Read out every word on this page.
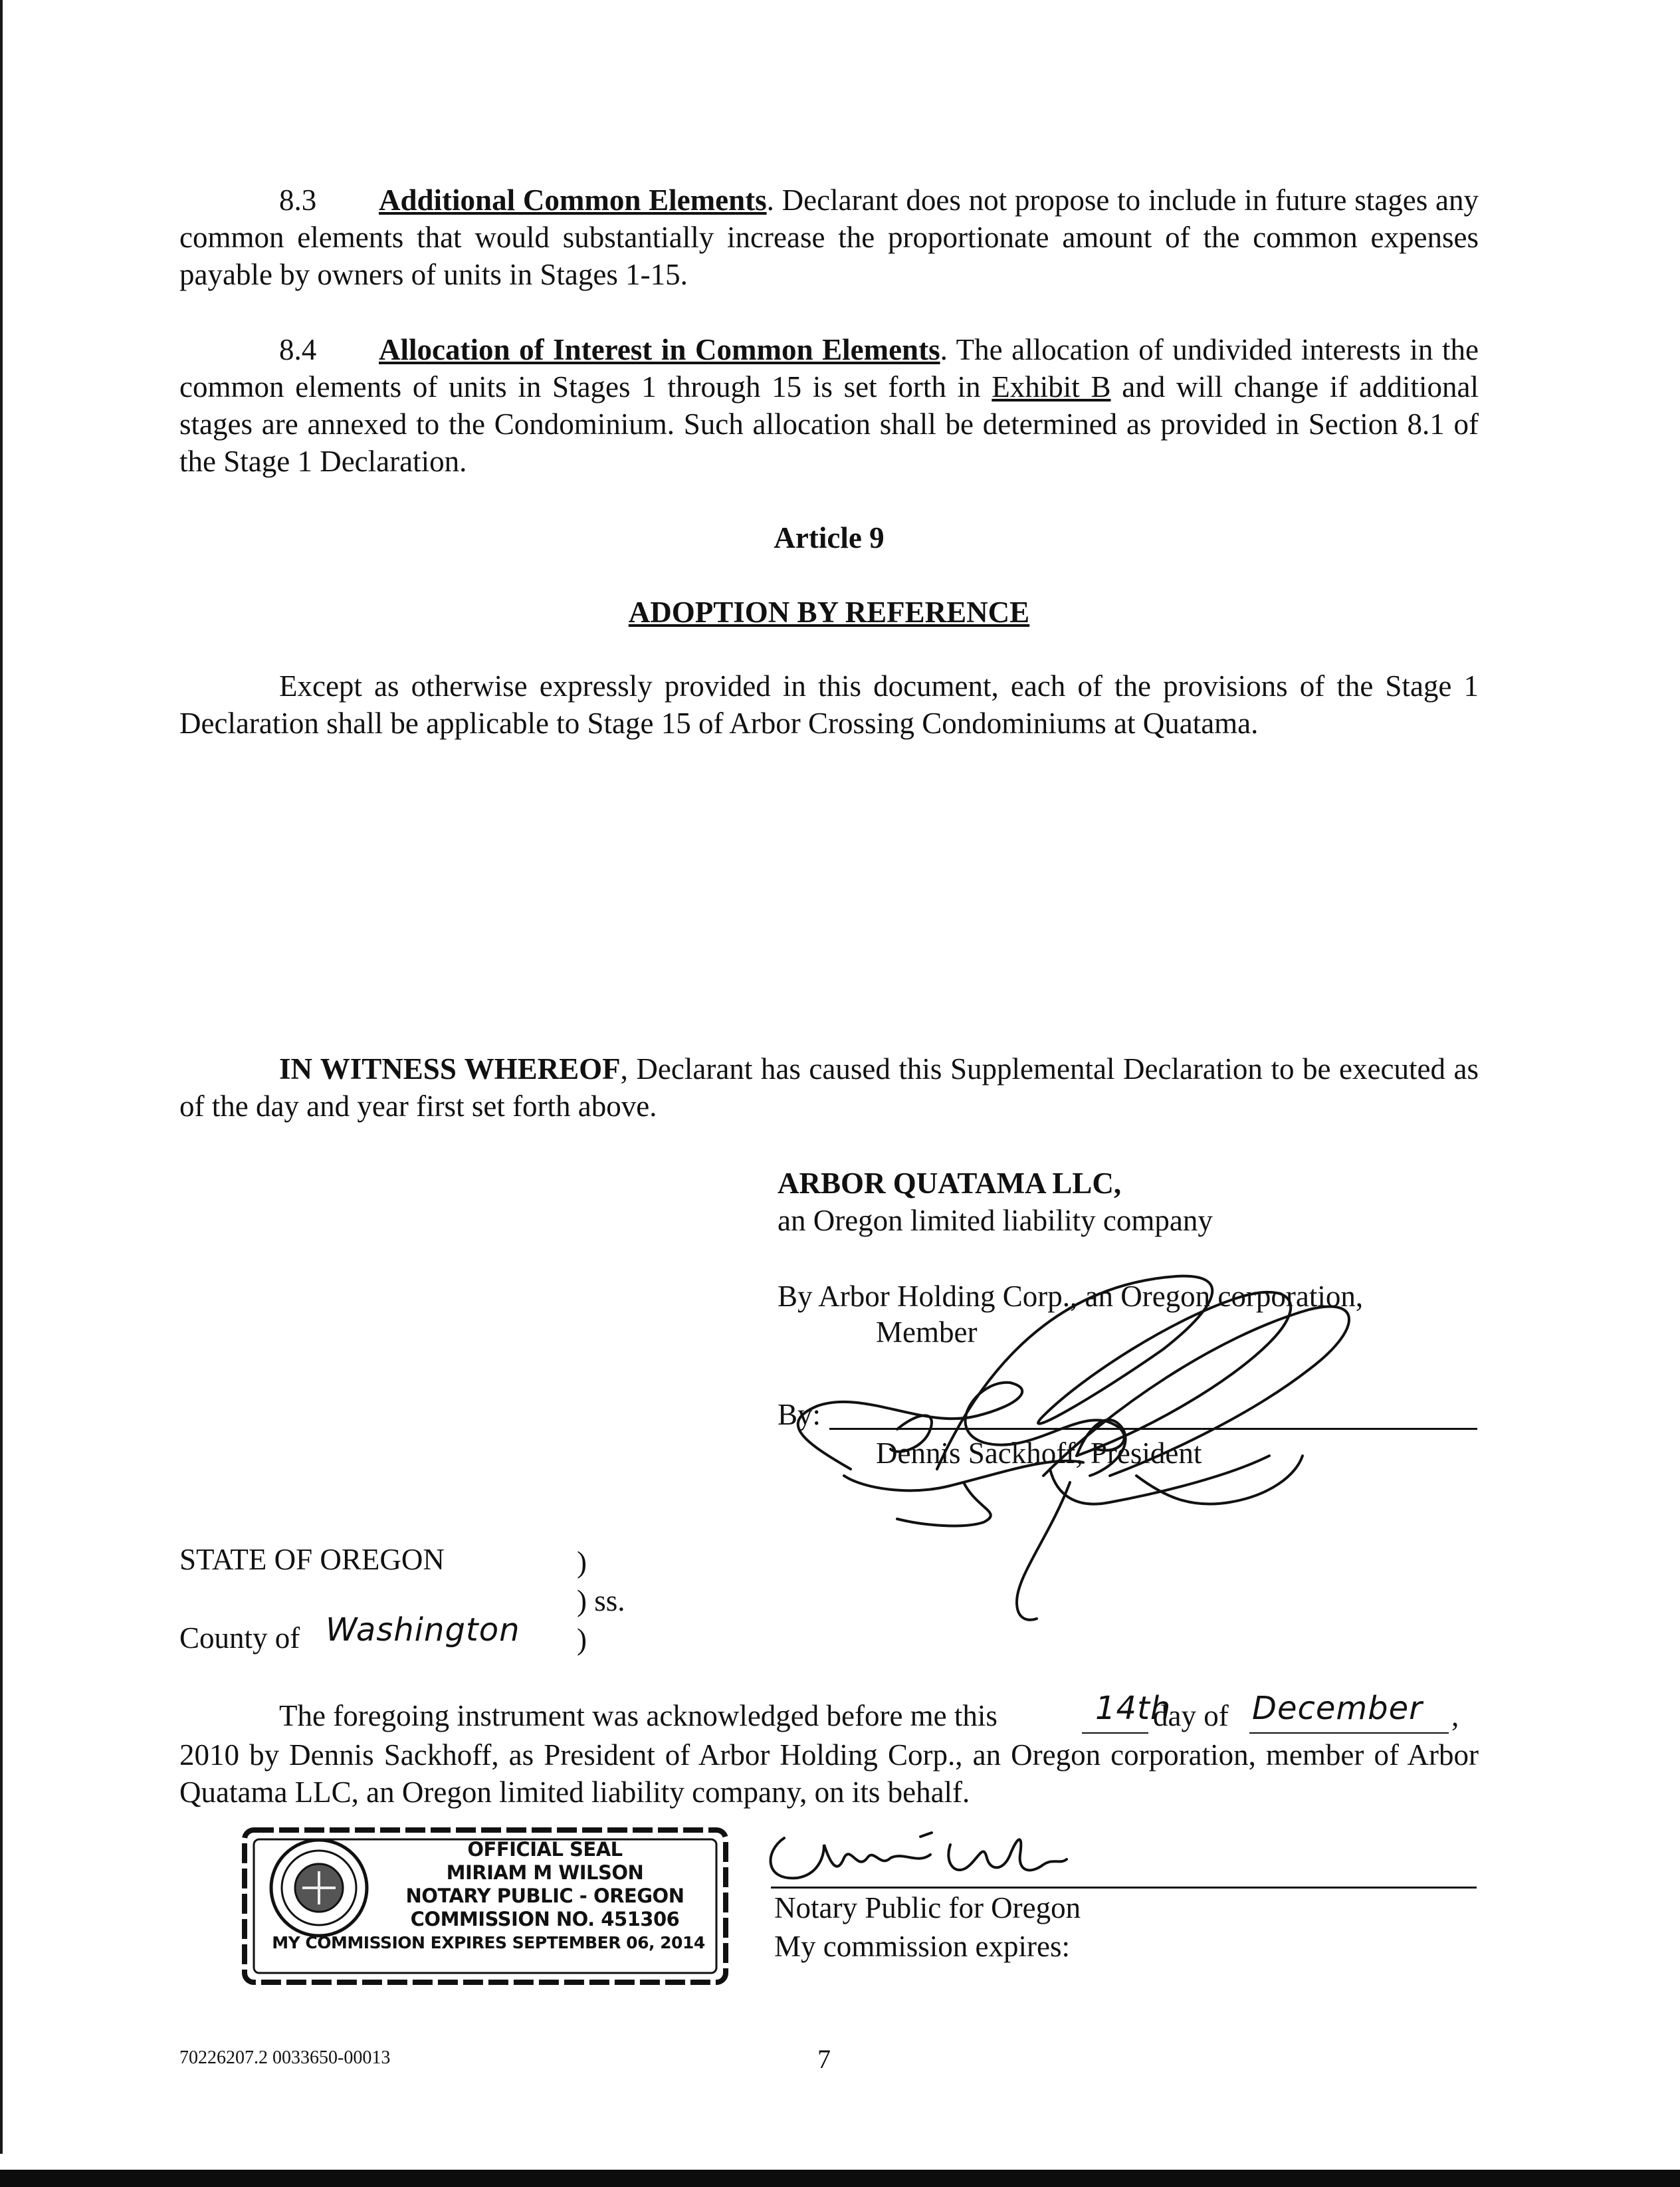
8.3 Additional Common Elements. Declarant does not propose to include in future stages any common elements that would substantially increase the proportionate amount of the common expenses payable by owners of units in Stages 1-15.
8.4 Allocation of Interest in Common Elements. The allocation of undivided interests in the common elements of units in Stages 1 through 15 is set forth in Exhibit B and will change if additional stages are annexed to the Condominium. Such allocation shall be determined as provided in Section 8.1 of the Stage 1 Declaration.
Article 9
ADOPTION BY REFERENCE
Except as otherwise expressly provided in this document, each of the provisions of the Stage 1 Declaration shall be applicable to Stage 15 of Arbor Crossing Condominiums at Quatama.
IN WITNESS WHEREOF, Declarant has caused this Supplemental Declaration to be executed as of the day and year first set forth above.
ARBOR QUATAMA LLC,
an Oregon limited liability company
By Arbor Holding Corp., an Oregon corporation,
Member
By:
Dennis Sackhoff, President
STATE OF OREGON	)
) ss.
County of Washington )
The foregoing instrument was acknowledged before me this	14th
day of December ,
2010 by Dennis Sackhoff, as President of Arbor Holding Corp., an Oregon corporation, member of Arbor Quatama LLC, an Oregon limited liability company, on its behalf.
OFFICIAL SEAL
MIRIAM M WILSON
NOTARY PUBLIC - OREGON
COMMISSION NO. 451306
MY COMMISSION EXPIRES SEPTEMBER 06, 2014
Notary Public for Oregon
My commission expires:
70226207.2 0033650-00013	7
